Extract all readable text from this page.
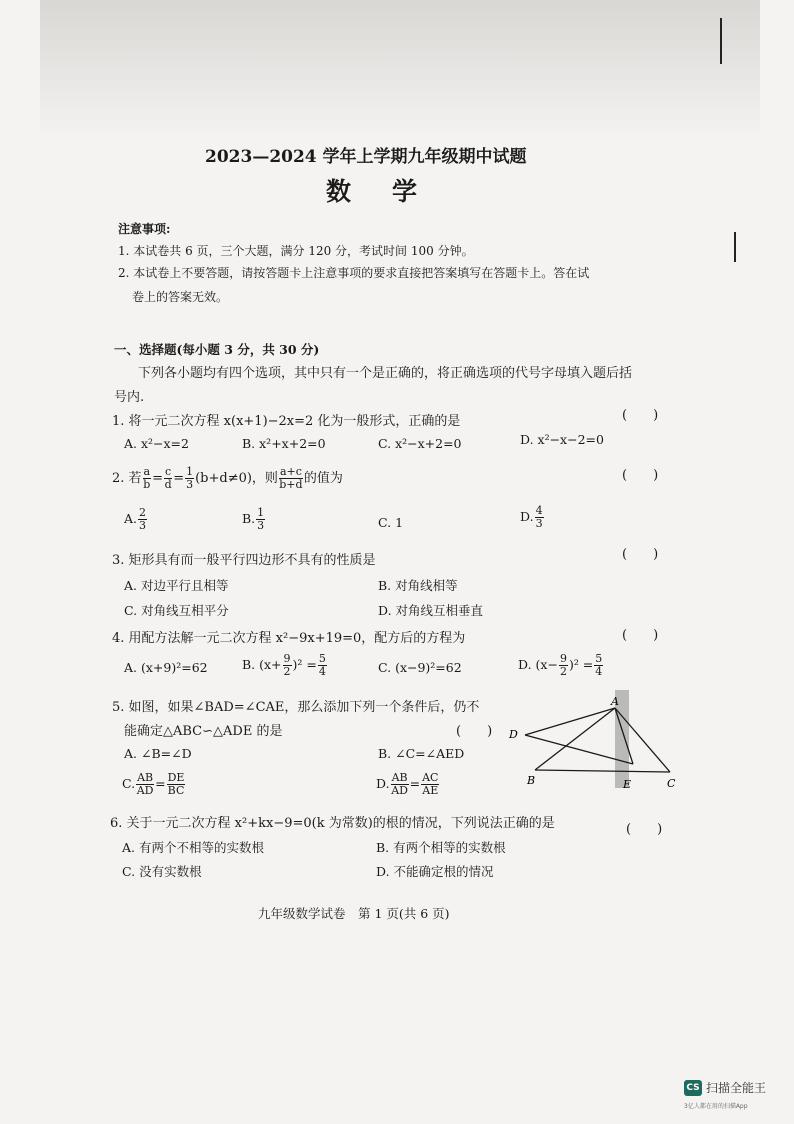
2023—2024 学年上学期九年级期中试题
数　学
注意事项:
1. 本试卷共 6 页，三个大题，满分 120 分，考试时间 100 分钟。
2. 本试卷上不要答题，请按答题卡上注意事项的要求直接把答案填写在答题卡上。答在试
卷上的答案无效。
一、选择题(每小题 3 分，共 30 分)
下列各小题均有四个选项，其中只有一个是正确的，将正确选项的代号字母填入题后括
号内.
1. 将一元二次方程 x(x+1)−2x=2 化为一般形式，正确的是	(　　)
A. x²−x=2	B. x²+x+2=0	C. x²−x+2=0	D. x²−x−2=0
2. 若 $\frac{a}{b} = \frac{c}{d} = \frac{1}{3} (b+d\ne 0)$，则 $\frac{a+c}{b+d}$ 的值为	(　　)
A. $\frac{2}{3}$	B. $\frac{1}{3}$	C. 1	D. $\frac{4}{3}$
3. 矩形具有而一般平行四边形不具有的性质是	(　　)
A. 对边平行且相等	B. 对角线相等
C. 对角线互相平分	D. 对角线互相垂直
4. 用配方法解一元二次方程 x²−9x+19=0，配方后的方程为	(　　)
A. (x+9)²=62	B. $(x+ \frac{9}{2} )^2 = \frac{5}{4}$	C. (x−9)²=62	D. $(x- \frac{9}{2} )^2 = \frac{5}{4}$
5. 如图，如果∠BAD=∠CAE，那么添加下列一个条件后，仍不
能确定△ABC∽△ADE 的是	(　　)
A. ∠B=∠D	B. ∠C=∠AED
C. $\frac{AB}{AD} = \frac{DE}{BC}$	D. $\frac{AB}{AD} = \frac{AC}{AE}$
A
B	C
D
E
6. 关于一元二次方程 x²+kx−9=0(k 为常数)的根的情况，下列说法正确的是	(　　)
A. 有两个不相等的实数根	B. 有两个相等的实数根
C. 没有实数根	D. 不能确定根的情况
九年级数学试卷　第 1 页(共 6 页)
CS 扫描全能王
3亿人都在用的扫描App
